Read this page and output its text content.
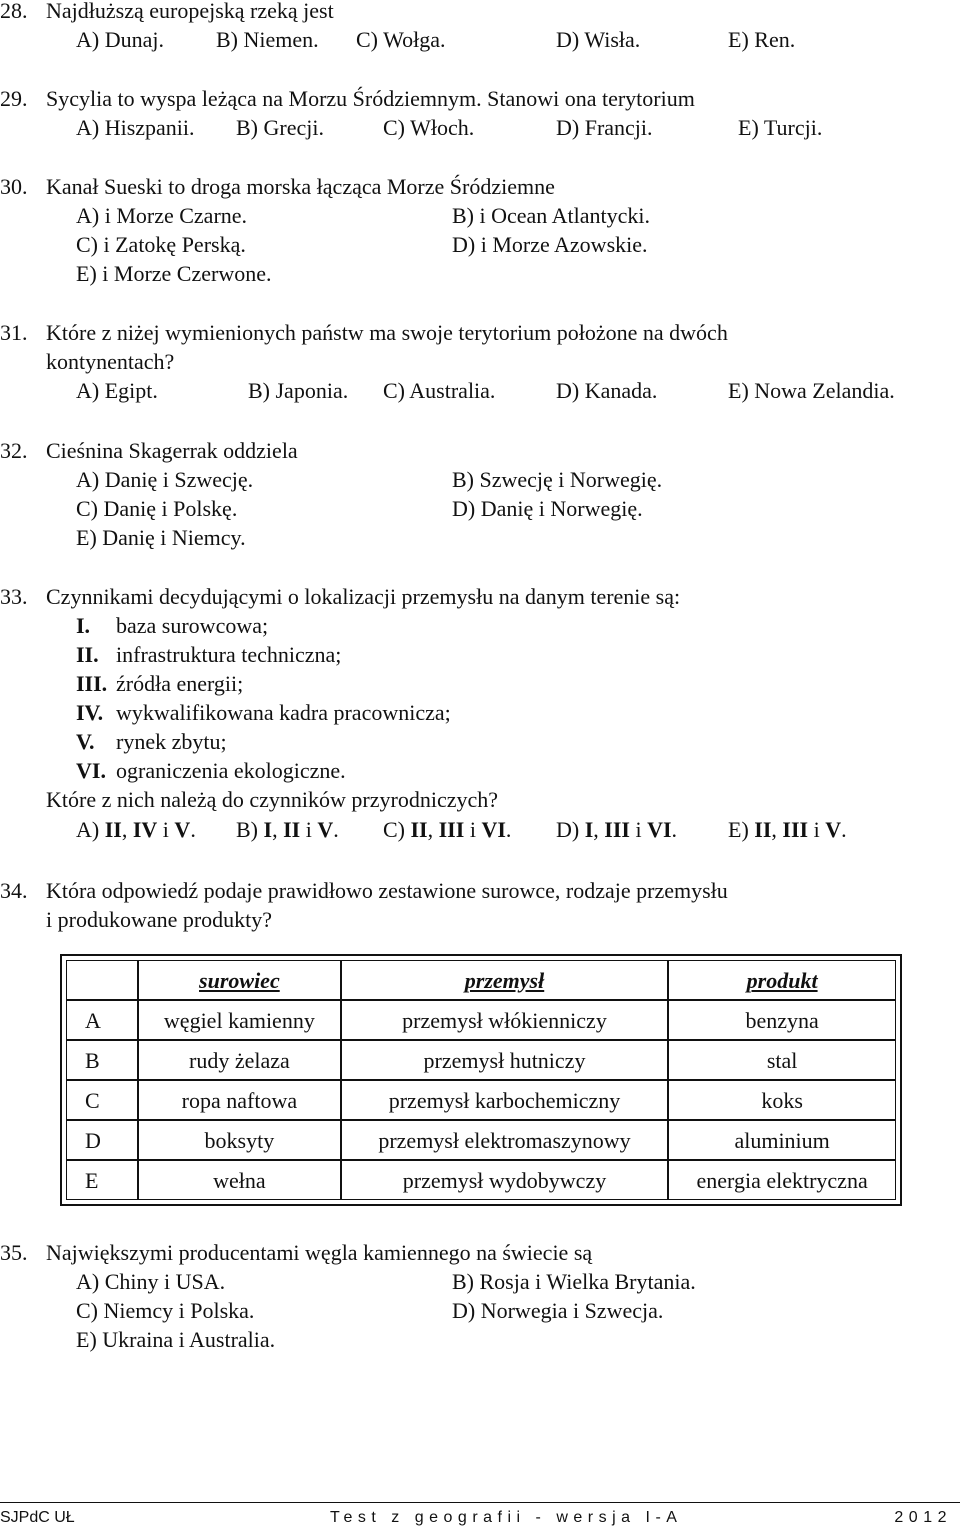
28. Najdłuższą europejską rzeką jest
A) Dunaj. B) Niemen. C) Wołga.	D) Wisła.	E) Ren.
29. Sycylia to wyspa leżąca na Morzu Śródziemnym. Stanowi ona terytorium
A) Hiszpanii. B) Grecji.	C) Włoch.	D) Francji.	E) Turcji.
30. Kanał Sueski to droga morska łącząca Morze Śródziemne
A) i Morze Czarne.	B) i Ocean Atlantycki.
C) i Zatokę Perską.	D) i Morze Azowskie.
E) i Morze Czerwone.
31. Które z niżej wymienionych państw ma swoje terytorium położone na dwóch
kontynentach?
A) Egipt.	B) Japonia. C) Australia.	D) Kanada.	E) Nowa Zelandia.
32. Cieśnina Skagerrak oddziela
A) Danię i Szwecję.	B) Szwecję i Norwegię.
C) Danię i Polskę.	D) Danię i Norwegię.
E) Danię i Niemcy.
33. Czynnikami decydującymi o lokalizacji przemysłu na danym terenie są:
I. baza surowcowa;
II. infrastruktura techniczna;
III. źródła energii;
IV. wykwalifikowana kadra pracownicza;
V. rynek zbytu;
VI. ograniczenia ekologiczne.
Które z nich należą do czynników przyrodniczych?
A) II, IV i V. B) I, II i V. C) II, III i VI. D) I, III i VI. E) II, III i V.
34. Która odpowiedź podaje prawidłowo zestawione surowce, rodzaje przemysłu
i produkowane produkty?
	surowiec	przemysł	produkt
A	węgiel kamienny	przemysł włókienniczy	benzyna
B	rudy żelaza	przemysł hutniczy	stal
C	ropa naftowa	przemysł karbochemiczny	koks
D	boksyty	przemysł elektromaszynowy	aluminium
E	wełna	przemysł wydobywczy	energia elektryczna
35. Największymi producentami węgla kamiennego na świecie są
A) Chiny i USA.	B) Rosja i Wielka Brytania.
C) Niemcy i Polska.	D) Norwegia i Szwecja.
E) Ukraina i Australia.
SJPdC UŁ	Test z geografii - wersja I-A	2012
